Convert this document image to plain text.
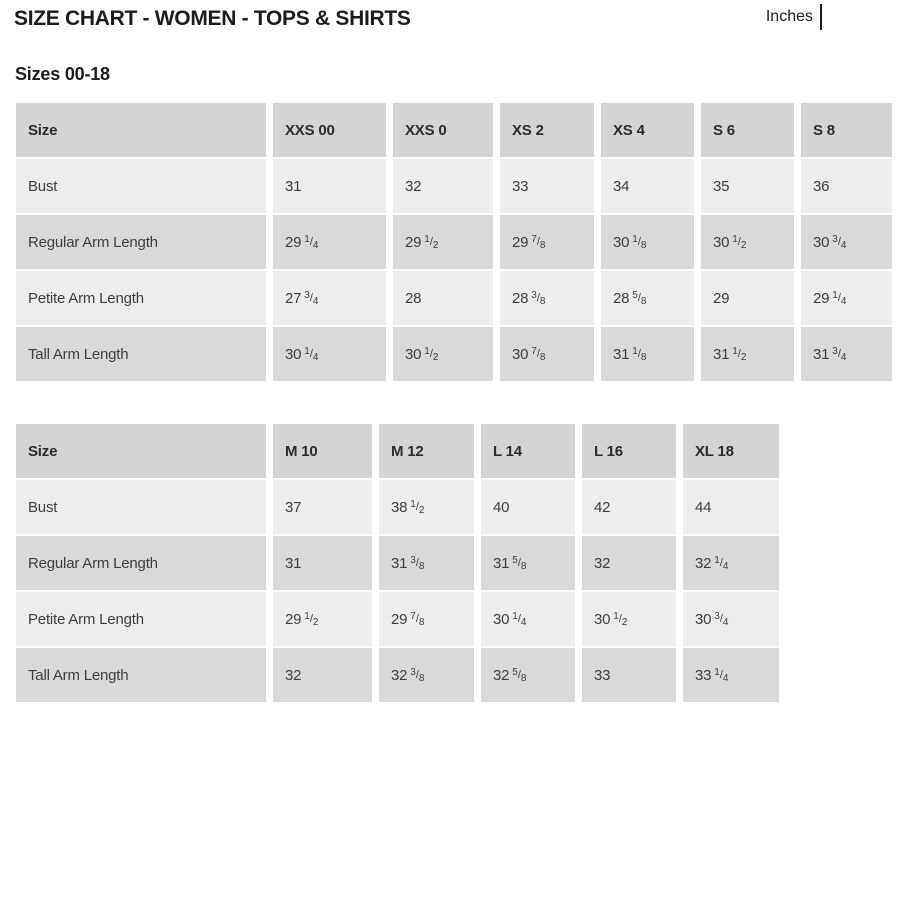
SIZE CHART - WOMEN - TOPS & SHIRTS	Inches
Sizes 00-18
Size	XXS 00	XXS 0	XS 2	XS 4	S 6	S 8
Bust	31	32	33	34	35	36
Regular Arm Length	29 1/4	29 1/2	29 7/8	30 1/8	30 1/2	30 3/4
Petite Arm Length	27 3/4	28	28 3/8	28 5/8	29	29 1/4
Tall Arm Length	30 1/4	30 1/2	30 7/8	31 1/8	31 1/2	31 3/4
Size	M 10	M 12	L 14	L 16	XL 18
Bust	37	38 1/2	40	42	44
Regular Arm Length	31	31 3/8	31 5/8	32	32 1/4
Petite Arm Length	29 1/2	29 7/8	30 1/4	30 1/2	30 3/4
Tall Arm Length	32	32 3/8	32 5/8	33	33 1/4
